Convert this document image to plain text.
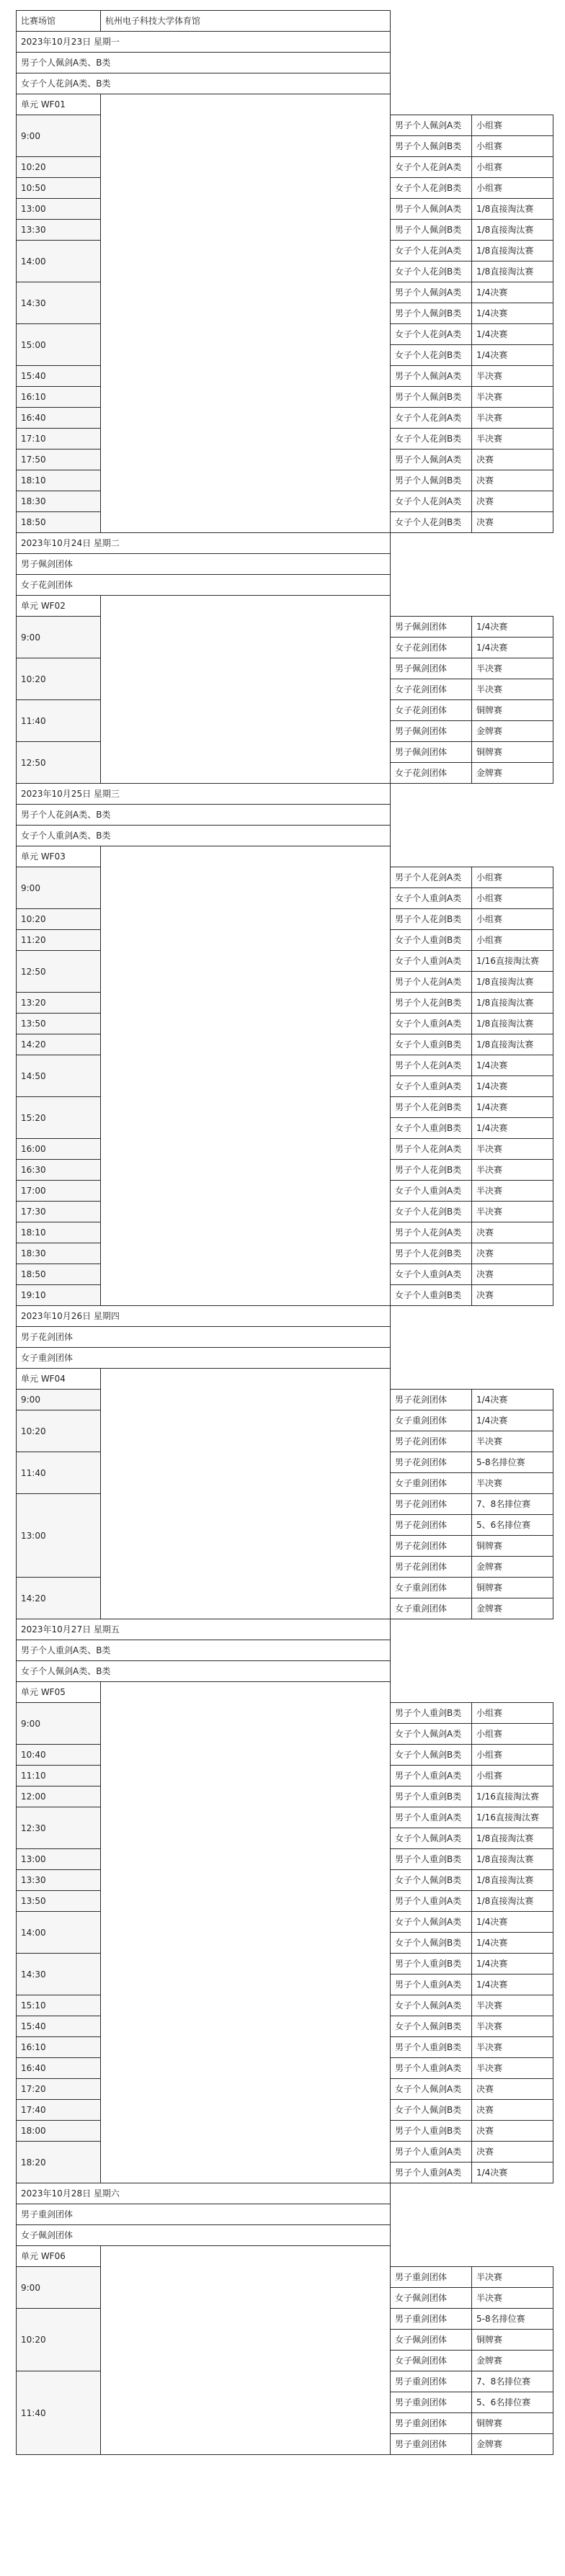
比赛场馆	杭州电子科技大学体育馆		
2023年10月23日 星期一			
男子个人佩剑A类、B类			
女子个人花剑A类、B类			
单元 WF01			
9:00		男子个人佩剑A类	小组赛
		男子个人佩剑B类	小组赛
10:20		女子个人花剑A类	小组赛
10:50		女子个人花剑B类	小组赛
13:00		男子个人佩剑A类	1/8直接淘汰赛
13:30		男子个人佩剑B类	1/8直接淘汰赛
14:00		女子个人花剑A类	1/8直接淘汰赛
		女子个人花剑B类	1/8直接淘汰赛
14:30		男子个人佩剑A类	1/4决赛
		男子个人佩剑B类	1/4决赛
15:00		女子个人花剑A类	1/4决赛
		女子个人花剑B类	1/4决赛
15:40		男子个人佩剑A类	半决赛
16:10		男子个人佩剑B类	半决赛
16:40		女子个人花剑A类	半决赛
17:10		女子个人花剑B类	半决赛
17:50		男子个人佩剑A类	决赛
18:10		男子个人佩剑B类	决赛
18:30		女子个人花剑A类	决赛
18:50		女子个人花剑B类	决赛
2023年10月24日 星期二			
男子佩剑团体			
女子花剑团体			
单元 WF02			
9:00		男子佩剑团体	1/4决赛
		女子花剑团体	1/4决赛
10:20		男子佩剑团体	半决赛
		女子花剑团体	半决赛
11:40		女子花剑团体	铜牌赛
		男子佩剑团体	金牌赛
12:50		男子佩剑团体	铜牌赛
		女子花剑团体	金牌赛
2023年10月25日 星期三			
男子个人花剑A类、B类			
女子个人重剑A类、B类			
单元 WF03			
9:00		男子个人花剑A类	小组赛
		女子个人重剑A类	小组赛
10:20		男子个人花剑B类	小组赛
11:20		女子个人重剑B类	小组赛
12:50		女子个人重剑A类	1/16直接淘汰赛
		男子个人花剑A类	1/8直接淘汰赛
13:20		男子个人花剑B类	1/8直接淘汰赛
13:50		女子个人重剑A类	1/8直接淘汰赛
14:20		女子个人重剑B类	1/8直接淘汰赛
14:50		男子个人花剑A类	1/4决赛
		女子个人重剑A类	1/4决赛
15:20		男子个人花剑B类	1/4决赛
		女子个人重剑B类	1/4决赛
16:00		男子个人花剑A类	半决赛
16:30		男子个人花剑B类	半决赛
17:00		女子个人重剑A类	半决赛
17:30		女子个人花剑B类	半决赛
18:10		男子个人花剑A类	决赛
18:30		男子个人花剑B类	决赛
18:50		女子个人重剑A类	决赛
19:10		女子个人重剑B类	决赛
2023年10月26日 星期四			
男子花剑团体			
女子重剑团体			
单元 WF04			
9:00		男子花剑团体	1/4决赛
10:20		女子重剑团体	1/4决赛
		男子花剑团体	半决赛
11:40		男子花剑团体	5-8名排位赛
		女子重剑团体	半决赛
13:00		男子花剑团体	7、8名排位赛
		男子花剑团体	5、6名排位赛
		男子花剑团体	铜牌赛
		男子花剑团体	金牌赛
14:20		女子重剑团体	铜牌赛
		女子重剑团体	金牌赛
2023年10月27日 星期五			
男子个人重剑A类、B类			
女子个人佩剑A类、B类			
单元 WF05			
9:00		男子个人重剑B类	小组赛
		女子个人佩剑A类	小组赛
10:40		女子个人佩剑B类	小组赛
11:10		男子个人重剑A类	小组赛
12:00		男子个人重剑B类	1/16直接淘汰赛
12:30		男子个人重剑A类	1/16直接淘汰赛
		女子个人佩剑A类	1/8直接淘汰赛
13:00		男子个人重剑B类	1/8直接淘汰赛
13:30		女子个人佩剑B类	1/8直接淘汰赛
13:50		男子个人重剑A类	1/8直接淘汰赛
14:00		女子个人佩剑A类	1/4决赛
		女子个人佩剑B类	1/4决赛
14:30		男子个人重剑B类	1/4决赛
		男子个人重剑A类	1/4决赛
15:10		女子个人佩剑A类	半决赛
15:40		女子个人佩剑B类	半决赛
16:10		男子个人重剑B类	半决赛
16:40		男子个人重剑A类	半决赛
17:20		女子个人佩剑A类	决赛
17:40		女子个人佩剑B类	决赛
18:00		男子个人重剑B类	决赛
18:20		男子个人重剑A类	决赛
		男子个人重剑A类	1/4决赛
2023年10月28日 星期六			
男子重剑团体			
女子佩剑团体			
单元 WF06			
9:00		男子重剑团体	半决赛
		女子佩剑团体	半决赛
10:20		男子重剑团体	5-8名排位赛
		女子佩剑团体	铜牌赛
		女子佩剑团体	金牌赛
11:40		男子重剑团体	7、8名排位赛
		男子重剑团体	5、6名排位赛
		男子重剑团体	铜牌赛
		男子重剑团体	金牌赛
